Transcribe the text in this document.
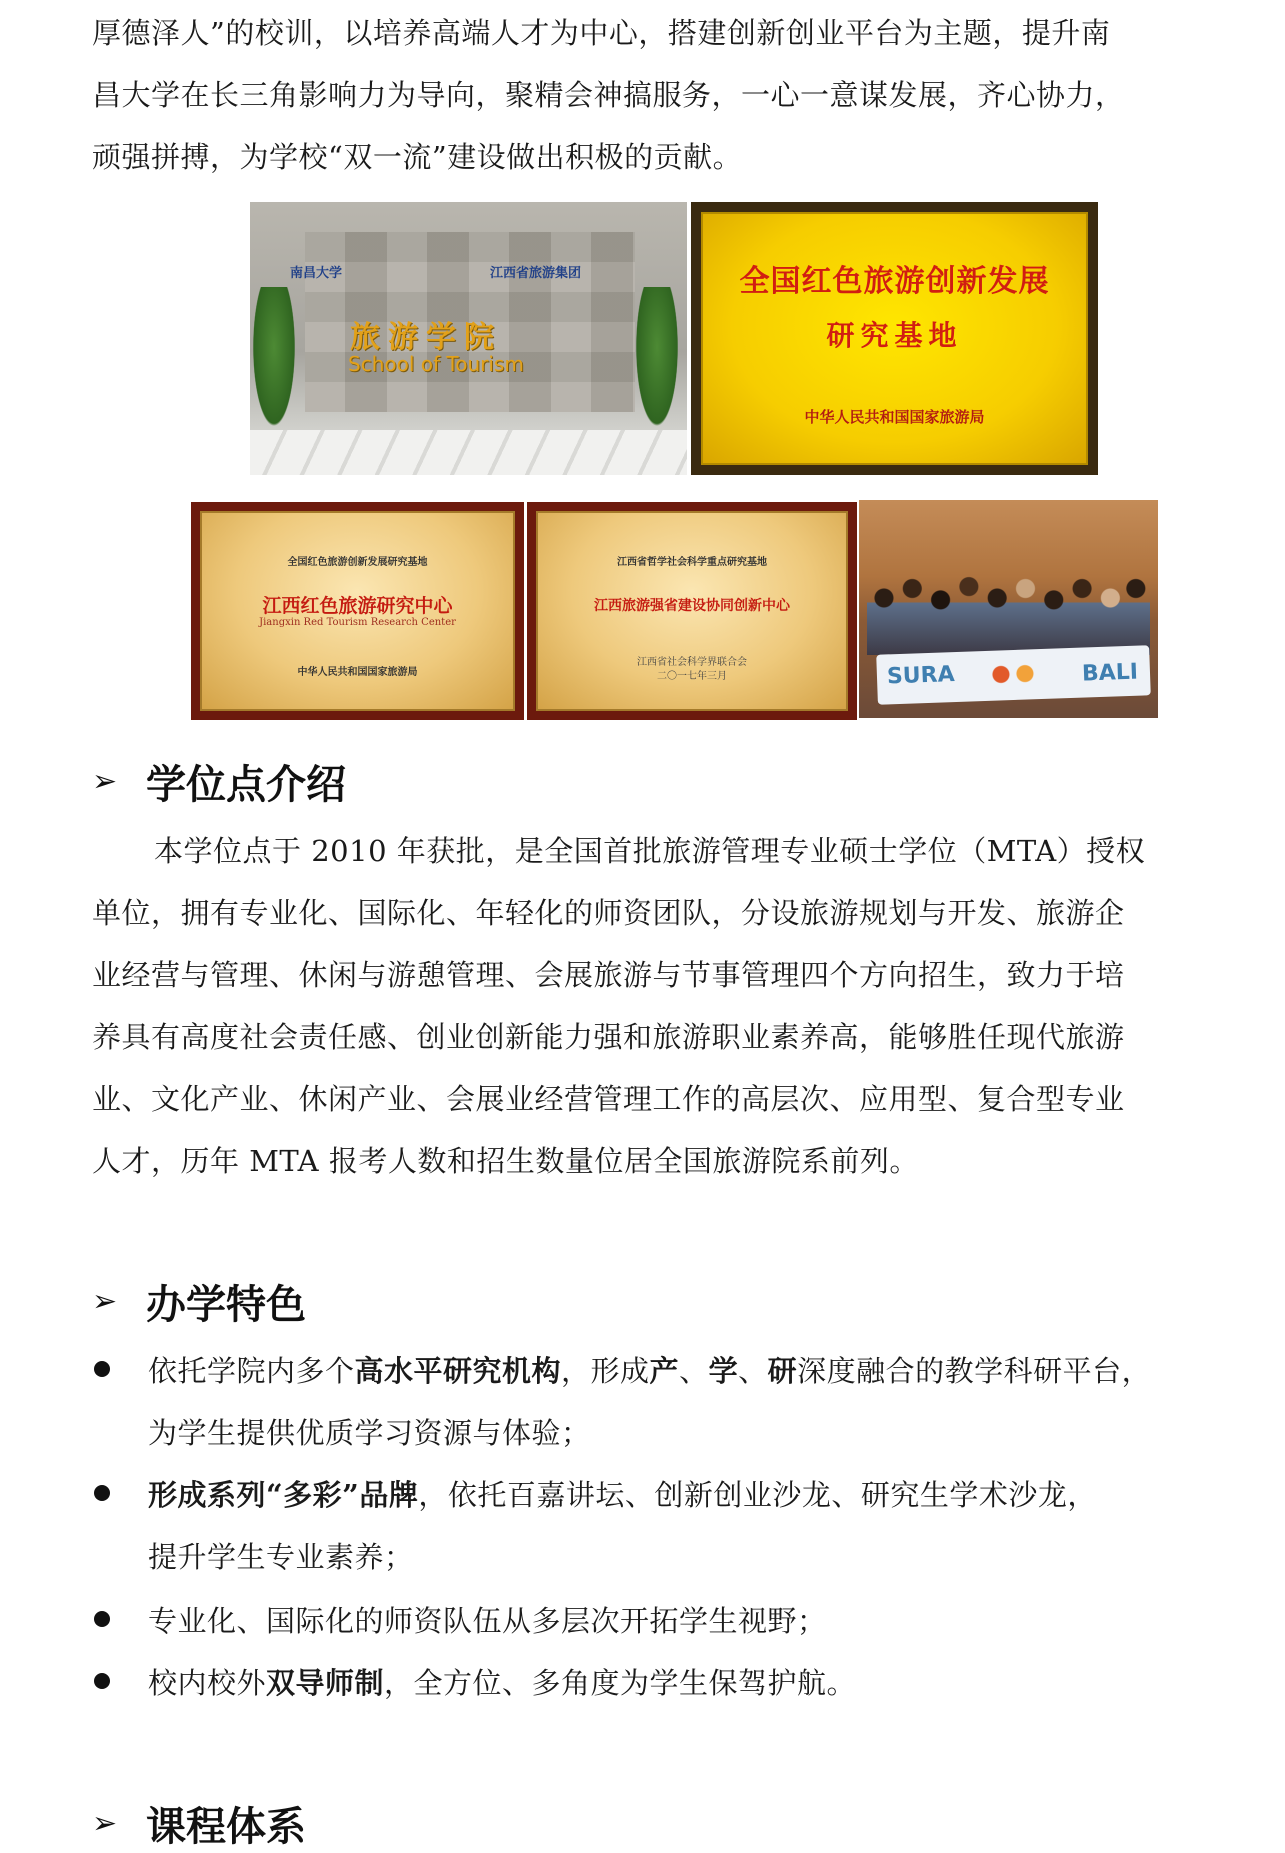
厚德泽人”的校训，以培养高端人才为中心，搭建创新创业平台为主题，提升南
昌大学在长三角影响力为导向，聚精会神搞服务，一心一意谋发展，齐心协力，
顽强拼搏，为学校“双一流”建设做出积极的贡献。

南昌大学	江西省旅游集团
旅游学院
School of Tourism
全国红色旅游创新发展
研究基地
中华人民共和国国家旅游局
全国红色旅游创新发展研究基地
江西红色旅游研究中心
Jiangxin Red Tourism Research Center
中华人民共和国国家旅游局
江西省哲学社会科学重点研究基地
江西旅游强省建设协同创新中心
江西省社会科学界联合会
二〇一七年三月	SURA	BALI
➢ 学位点介绍

本学位点于 2010 年获批，是全国首批旅游管理专业硕士学位（MTA）授权
单位，拥有专业化、国际化、年轻化的师资团队，分设旅游规划与开发、旅游企
业经营与管理、休闲与游憩管理、会展旅游与节事管理四个方向招生，致力于培
养具有高度社会责任感、创业创新能力强和旅游职业素养高，能够胜任现代旅游
业、文化产业、休闲产业、会展业经营管理工作的高层次、应用型、复合型专业
人才，历年 MTA 报考人数和招生数量位居全国旅游院系前列。

➢ 办学特色
依托学院内多个高水平研究机构，形成产、学、研深度融合的教学科研平台，
为学生提供优质学习资源与体验；
形成系列“多彩”品牌，依托百嘉讲坛、创新创业沙龙、研究生学术沙龙，
提升学生专业素养；
专业化、国际化的师资队伍从多层次开拓学生视野；
校内校外双导师制，全方位、多角度为学生保驾护航。
➢ 课程体系
